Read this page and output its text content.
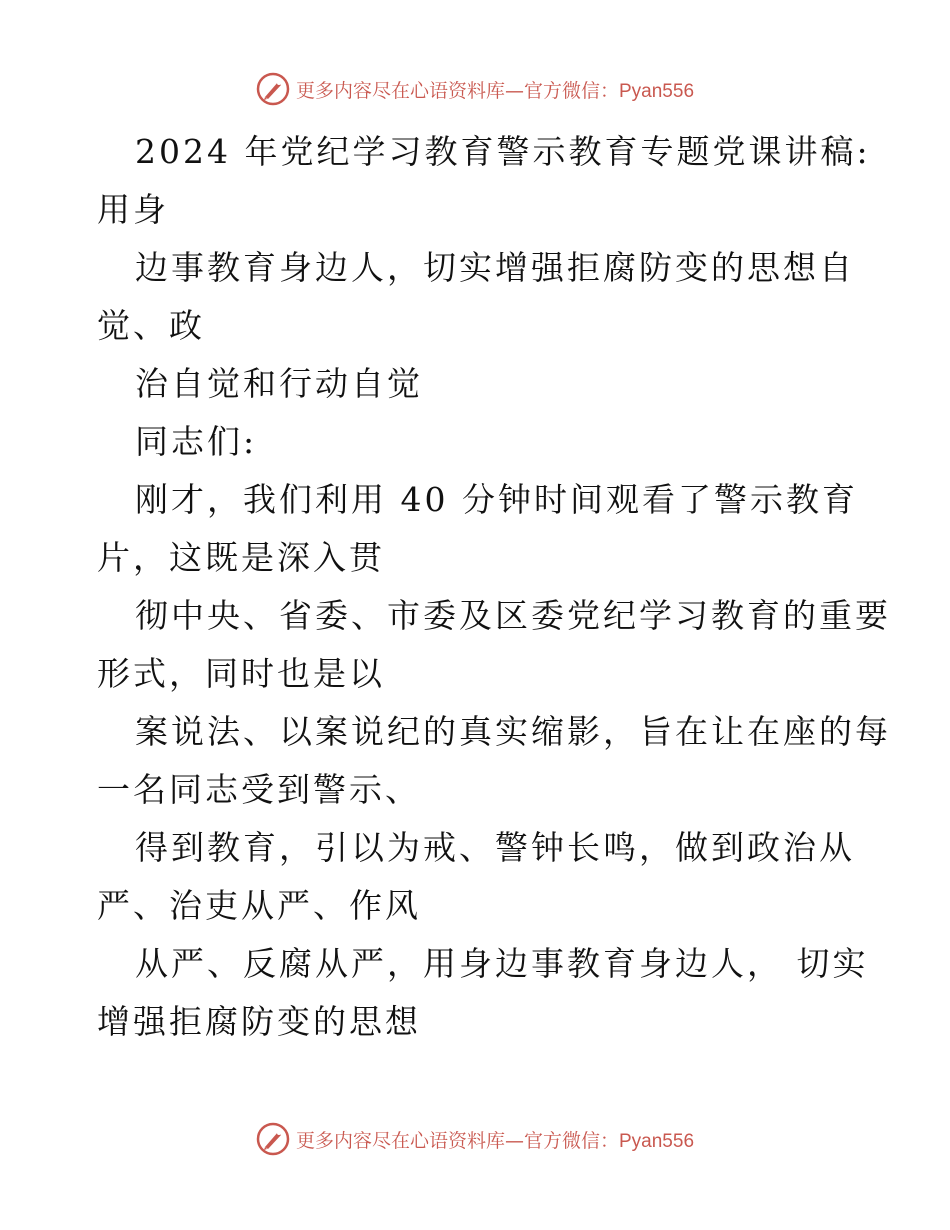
更多内容尽在心语资料库—官方微信：Pyan556

2024 年党纪学习教育警示教育专题党课讲稿:

用身

边事教育身边人，切实增强拒腐防变的思想自

觉、政

治自觉和行动自觉

同志们:

刚才，我们利用 40 分钟时间观看了警示教育

片，这既是深入贯

彻中央、省委、市委及区委党纪学习教育的重要

形式，同时也是以

案说法、以案说纪的真实缩影，旨在让在座的每

一名同志受到警示、

得到教育，引以为戒、警钟长鸣，做到政治从

严、治吏从严、作风

从严、反腐从严，用身边事教育身边人， 切实

增强拒腐防变的思想

更多内容尽在心语资料库—官方微信：Pyan556
